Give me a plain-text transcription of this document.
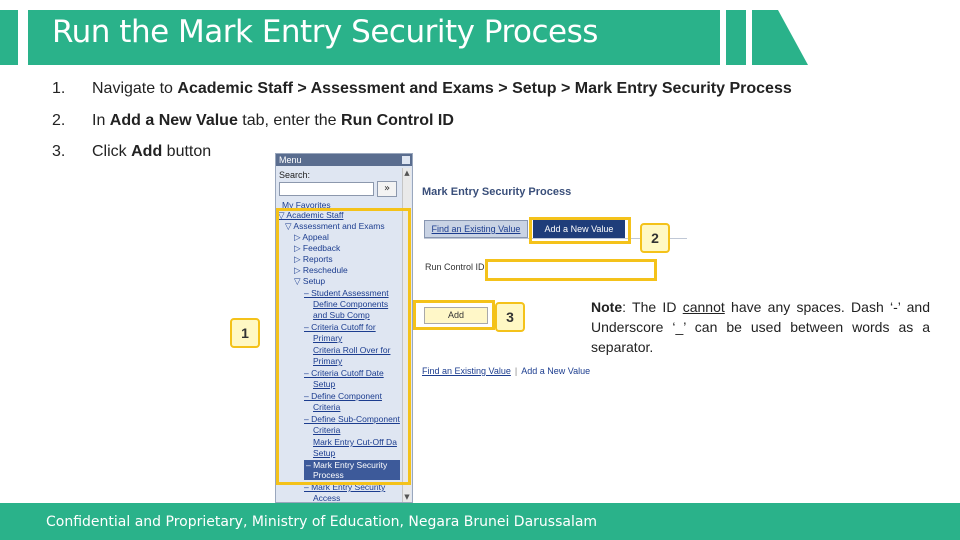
Run the Mark Entry Security Process
1.	Navigate to Academic Staff > Assessment and Exams > Setup > Mark Entry Security Process
2.	In Add a New Value tab, enter the Run Control ID
3.	Click Add button	Menu
Search:
»
▲
▼
My Favorites
▽ Academic Staff
▽ Assessment and Exams
▷ Appeal
▷ Feedback
▷ Reports
▷ Reschedule
▽ Setup
– Student Assessment
Define Components
and Sub Comp
– Criteria Cutoff for
Primary
Criteria Roll Over for
Primary
– Criteria Cutoff Date
Setup
– Define Component
Criteria
– Define Sub-Component
Criteria
Mark Entry Cut-Off Da
Setup
– Mark Entry Security
Process
– Mark Entry Security
Access
Mark Entry Security Process
Find an Existing Value	Add a New Value
Run Control ID:
Add
Find an Existing Value | Add a New Value
1
2
3
Note: The ID cannot have any spaces. Dash ‘-’ and Underscore ‘_’ can be used between words as a separator.
Confidential and Proprietary, Ministry of Education, Negara Brunei Darussalam
